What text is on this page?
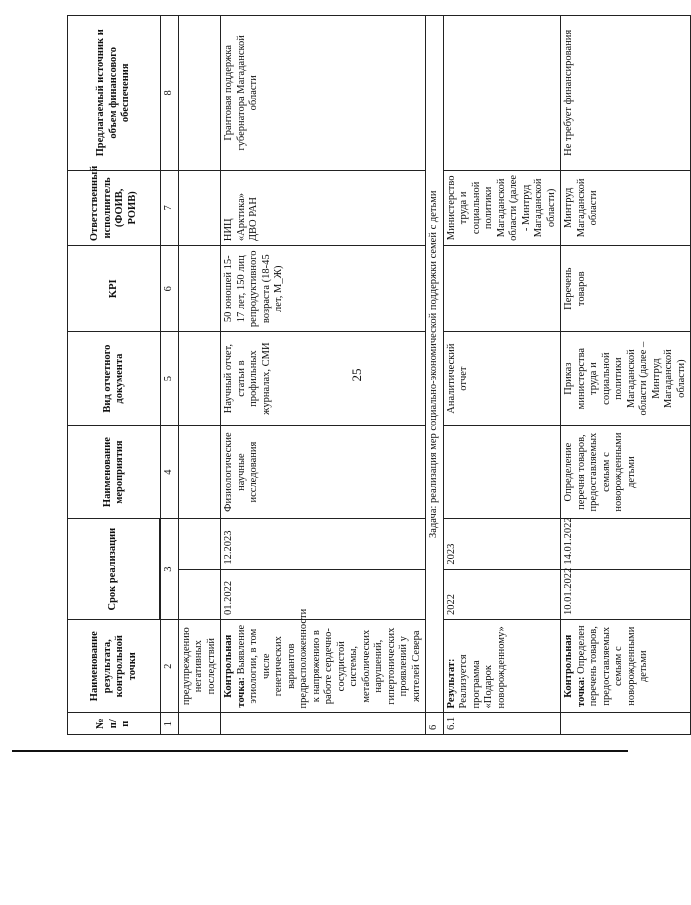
25
№ п/п	Наименование результата, контрольной точки	Срок реализации		Наименование мероприятия	Вид отчетного документа	KPI	Ответственный исполнитель (ФОИВ, РОИВ)	Предлагаемый источник и объем финансового обеспечения

1	2	3		4	5	6	7	8
	предупреждению негативных последствий							
	Контрольная точка: Выявление этиологии, в том числе генетических вариантов предрасположенности к напряжению в работе сердечно-сосудистой системы, метаболических нарушений, гипертонических проявлений у жителей Севера	01.2022	12.2023	Физиологические научные исследования	Научный отчет, статьи в профильных журналах, СМИ	50 юношей 15-17 лет, 150 лиц репродуктивного возраста (18-45 лет, М_Ж)	НИЦ «Арктика» ДВО РАН	Грантовая поддержка губернатора Магаданской области
6	Задача: реализация мер социально-экономической поддержки семей с детьми							
6.1	Результат: Реализуется программа «Подарок новорожденному»	2022	2023		Аналитический отчет		Министерство труда и социальной политики Магаданской области (далее - Минтруд Магаданской области)	
	Контрольная точка: Определен перечень товаров, предоставляемых семьям с новорожденными детьми	10.01.2022	14.01.2022	Определение перечня товаров, предоставляемых семьям с новорожденными детьми	Приказ министерства труда и социальной политики Магаданской области (далее – Минтруд Магаданской области)	Перечень товаров	Минтруд Магаданской области	Не требует финансирования
